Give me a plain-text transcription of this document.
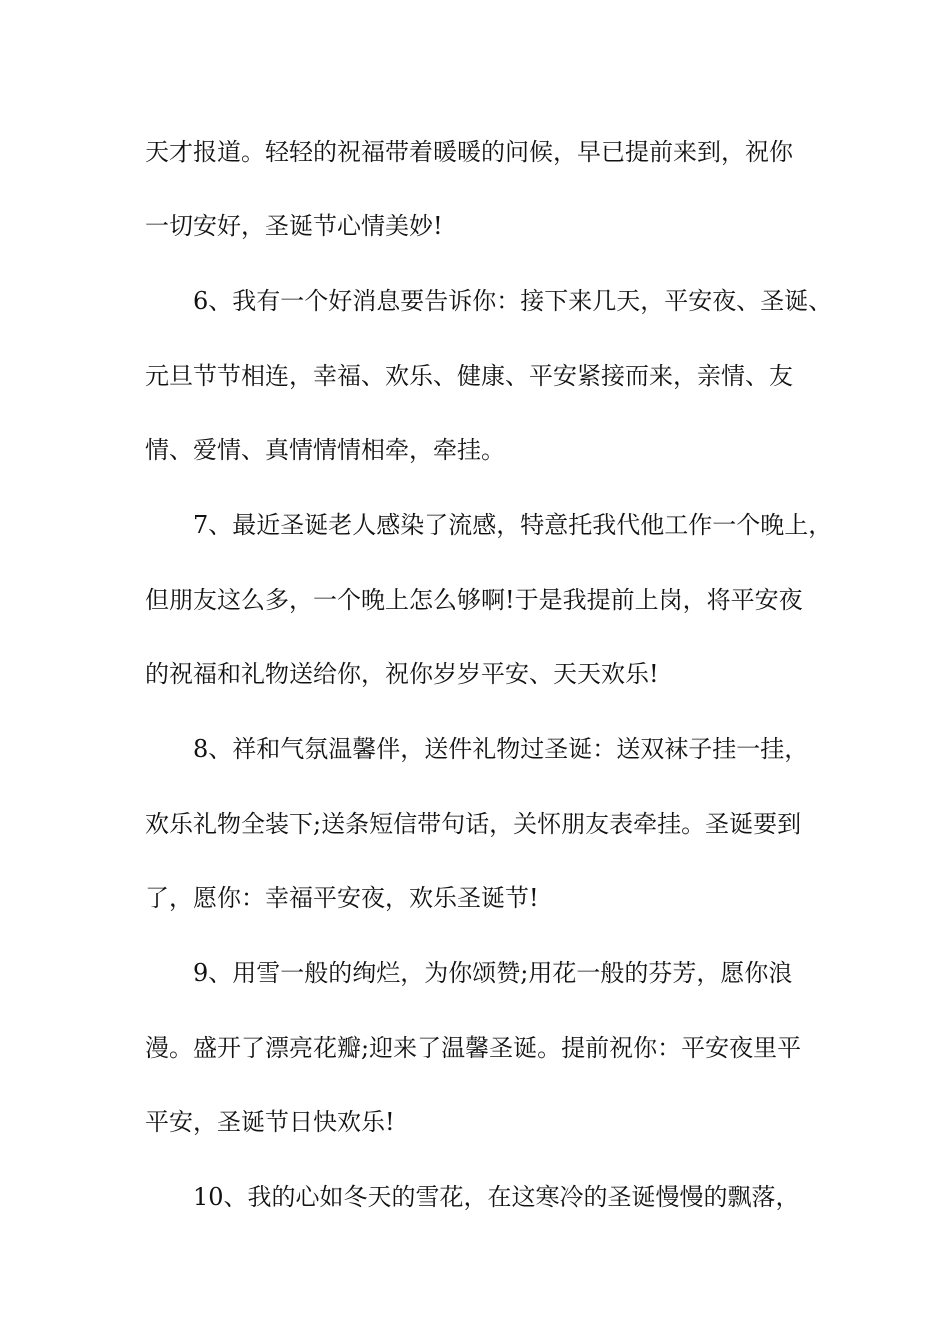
天才报道。轻轻的祝福带着暖暖的问候，早已提前来到，祝你
一切安好，圣诞节心情美妙!
6、我有一个好消息要告诉你：接下来几天，平安夜、圣诞、
元旦节节相连，幸福、欢乐、健康、平安紧接而来，亲情、友
情、爱情、真情情情相牵，牵挂。
7、最近圣诞老人感染了流感，特意托我代他工作一个晚上，
但朋友这么多，一个晚上怎么够啊!于是我提前上岗，将平安夜
的祝福和礼物送给你，祝你岁岁平安、天天欢乐!
8、祥和气氛温馨伴，送件礼物过圣诞：送双袜子挂一挂，
欢乐礼物全装下;送条短信带句话，关怀朋友表牵挂。圣诞要到
了，愿你：幸福平安夜，欢乐圣诞节!
9、用雪一般的绚烂，为你颂赞;用花一般的芬芳，愿你浪
漫。盛开了漂亮花瓣;迎来了温馨圣诞。提前祝你：平安夜里平
平安，圣诞节日快欢乐!
10、我的心如冬天的雪花，在这寒冷的圣诞慢慢的飘落，
